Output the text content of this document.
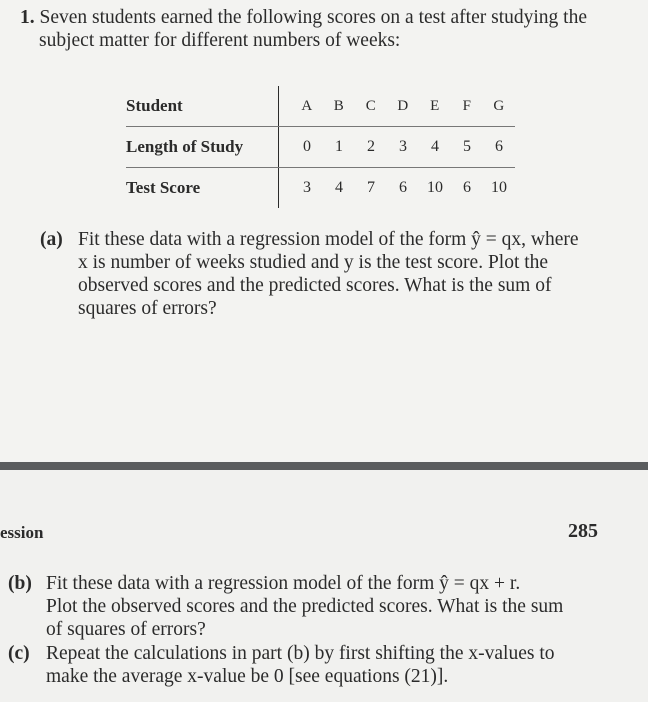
1. Seven students earned the following scores on a test after studying the
subject matter for different numbers of weeks:
Student	A	B	C	D	E	F	G
Length of Study	0	1	2	3	4	5	6
Test Score	3	4	7	6	10	6	10
(a) Fit these data with a regression model of the form ŷ = qx, where
x is number of weeks studied and y is the test score. Plot the
observed scores and the predicted scores. What is the sum of
squares of errors?
ession	285
(b) Fit these data with a regression model of the form ŷ = qx + r.
Plot the observed scores and the predicted scores. What is the sum
of squares of errors?
(c) Repeat the calculations in part (b) by first shifting the x-values to
make the average x-value be 0 [see equations (21)].
